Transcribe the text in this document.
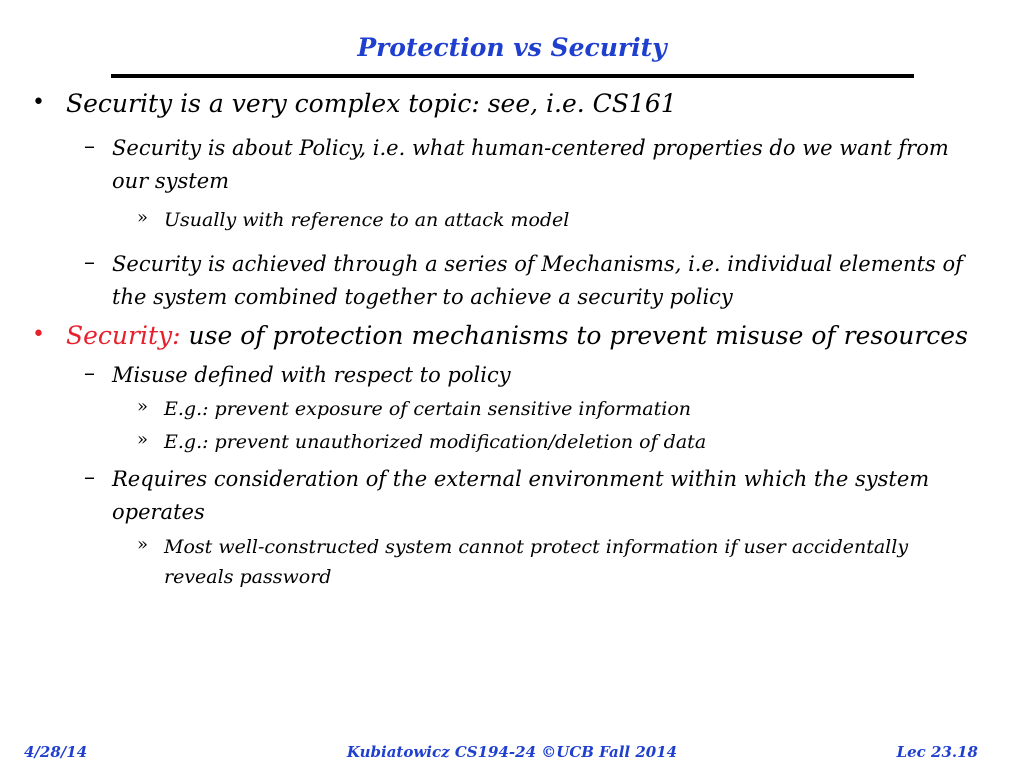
Protection vs Security
• Security is a very complex topic: see, i.e. CS161
– Security is about Policy, i.e. what human-centered properties do we want from
our system
» Usually with reference to an attack model
– Security is achieved through a series of Mechanisms, i.e. individual elements of
the system combined together to achieve a security policy
• Security: use of protection mechanisms to prevent misuse of resources
– Misuse defined with respect to policy
» E.g.: prevent exposure of certain sensitive information
» E.g.: prevent unauthorized modification/deletion of data
– Requires consideration of the external environment within which the system
operates
» Most well-constructed system cannot protect information if user accidentally
reveals password
4/28/14	Kubiatowicz CS194-24 ©UCB Fall 2014	Lec 23.18
